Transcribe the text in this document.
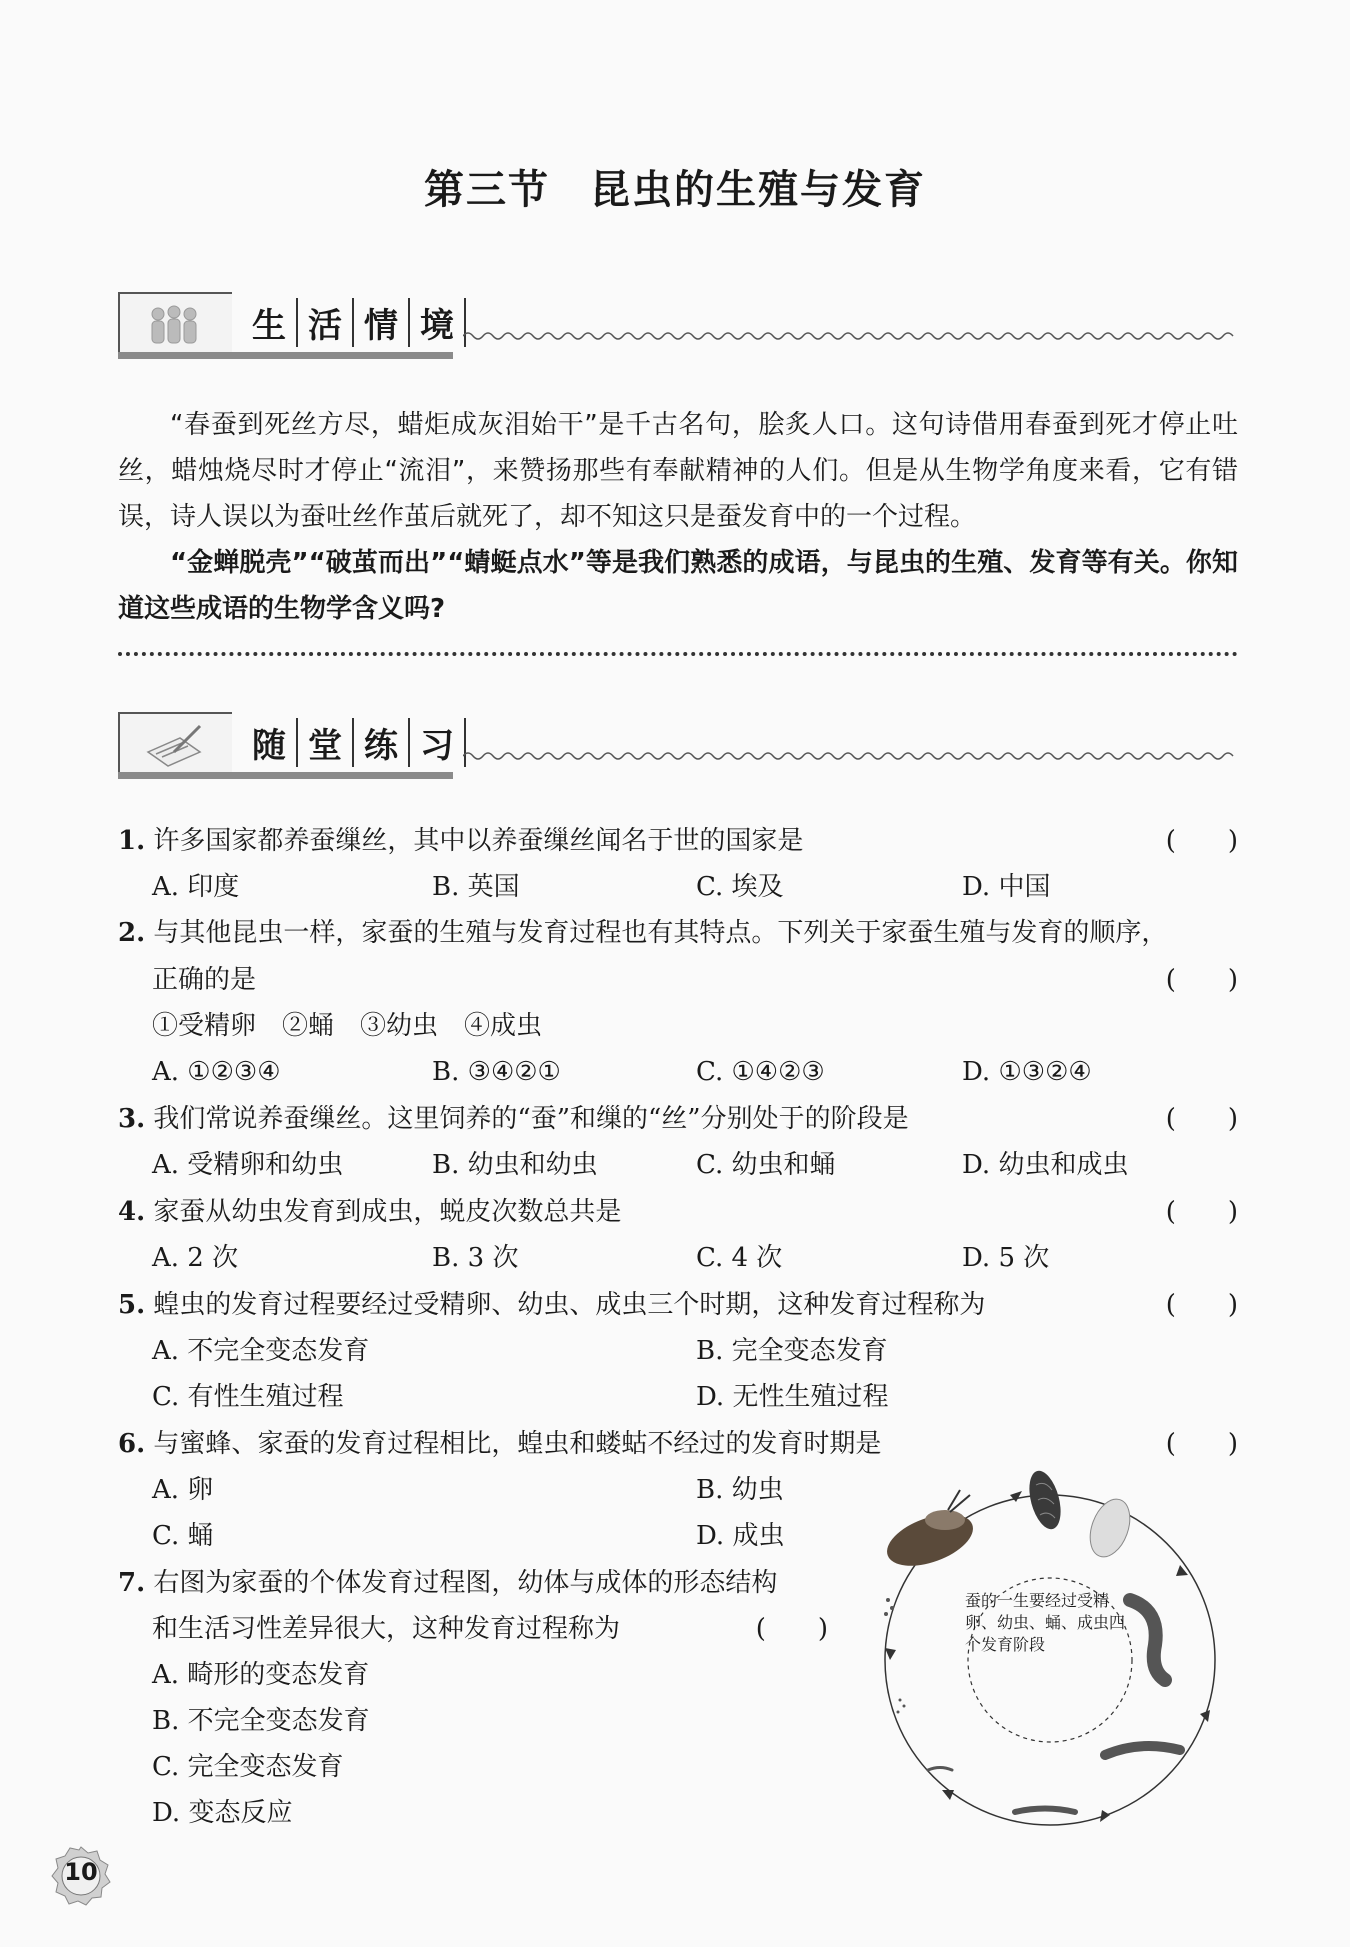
第三节 昆虫的生殖与发育
生 活 情 境
“春蚕到死丝方尽，蜡炬成灰泪始干”是千古名句，脍炙人口。这句诗借用春蚕到死才停止吐丝，蜡烛烧尽时才停止“流泪”，来赞扬那些有奉献精神的人们。但是从生物学角度来看，它有错误，诗人误以为蚕吐丝作茧后就死了，却不知这只是蚕发育中的一个过程。
“金蝉脱壳”“破茧而出”“蜻蜓点水”等是我们熟悉的成语，与昆虫的生殖、发育等有关。你知道这些成语的生物学含义吗?
随 堂 练 习
1. 许多国家都养蚕缫丝，其中以养蚕缫丝闻名于世的国家是	(　　)
A. 印度	B. 英国	C. 埃及	D. 中国
2. 与其他昆虫一样，家蚕的生殖与发育过程也有其特点。下列关于家蚕生殖与发育的顺序，
正确的是	(　　)
①受精卵　②蛹　③幼虫　④成虫
A. ①②③④	B. ③④②①	C. ①④②③	D. ①③②④
3. 我们常说养蚕缫丝。这里饲养的“蚕”和缫的“丝”分别处于的阶段是	(　　)
A. 受精卵和幼虫	B. 幼虫和幼虫	C. 幼虫和蛹	D. 幼虫和成虫
4. 家蚕从幼虫发育到成虫，蜕皮次数总共是	(　　)
A. 2 次	B. 3 次	C. 4 次	D. 5 次
5. 蝗虫的发育过程要经过受精卵、幼虫、成虫三个时期，这种发育过程称为	(　　)
A. 不完全变态发育	B. 完全变态发育
C. 有性生殖过程	D. 无性生殖过程
6. 与蜜蜂、家蚕的发育过程相比，蝗虫和蝼蛄不经过的发育时期是	(　　)
A. 卵	B. 幼虫
C. 蛹	D. 成虫
7. 右图为家蚕的个体发育过程图，幼体与成体的形态结构
和生活习性差异很大，这种发育过程称为	(　　)
A. 畸形的变态发育
B. 不完全变态发育
C. 完全变态发育
D. 变态反应
蚕的一生要经过受精卵、幼虫、蛹、成虫四个发育阶段
10
